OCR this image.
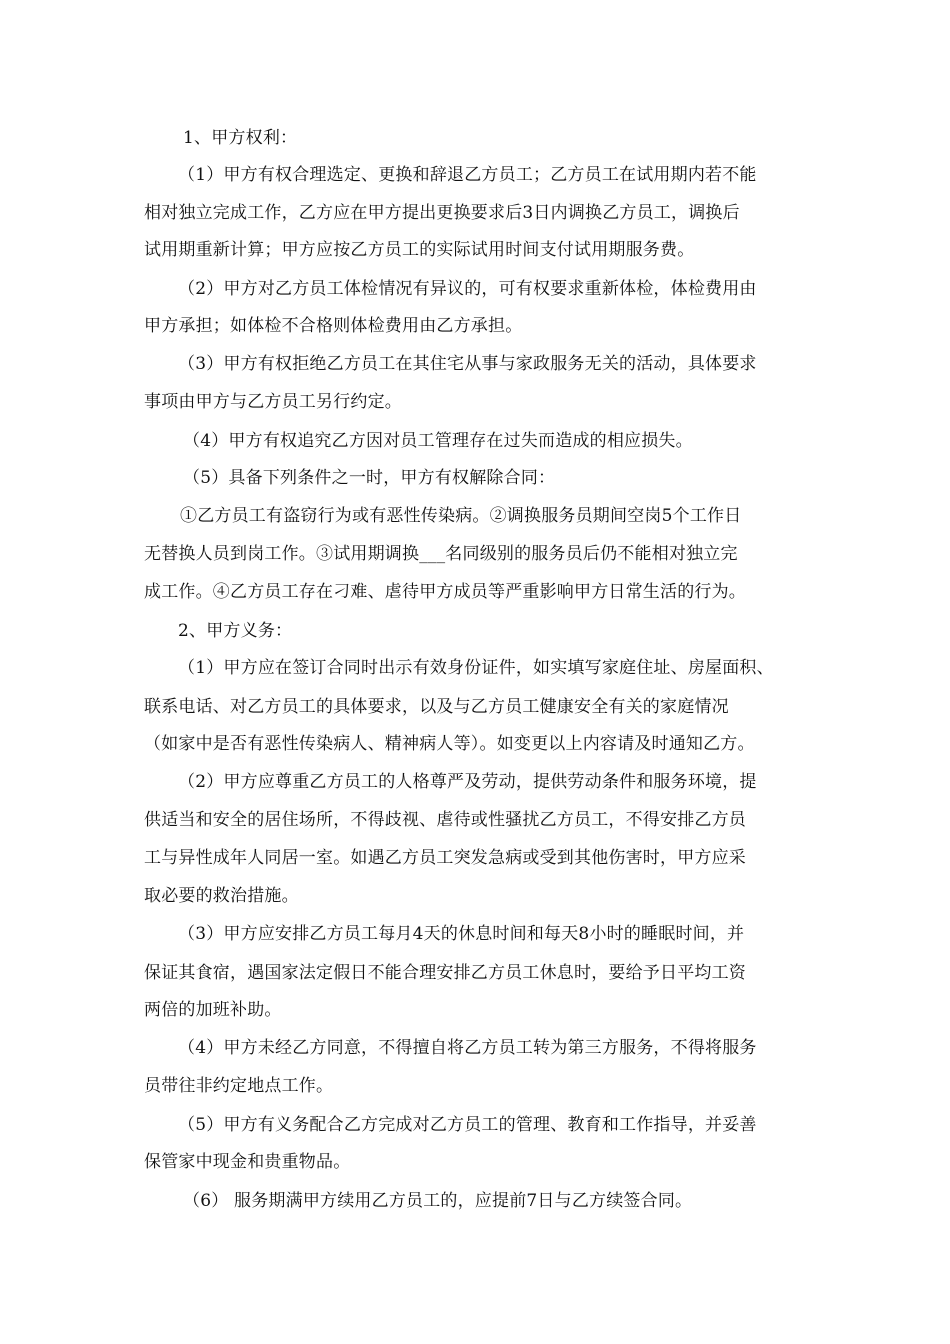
1、甲方权利：
（1）甲方有权合理选定、更换和辞退乙方员工；乙方员工在试用期内若不能
相对独立完成工作，乙方应在甲方提出更换要求后3日内调换乙方员工，调换后
试用期重新计算；甲方应按乙方员工的实际试用时间支付试用期服务费。
（2）甲方对乙方员工体检情况有异议的，可有权要求重新体检，体检费用由
甲方承担；如体检不合格则体检费用由乙方承担。
（3）甲方有权拒绝乙方员工在其住宅从事与家政服务无关的活动，具体要求
事项由甲方与乙方员工另行约定。
（4）甲方有权追究乙方因对员工管理存在过失而造成的相应损失。
（5）具备下列条件之一时，甲方有权解除合同：
①乙方员工有盗窃行为或有恶性传染病。②调换服务员期间空岗5个工作日
无替换人员到岗工作。③试用期调换___名同级别的服务员后仍不能相对独立完
成工作。④乙方员工存在刁难、虐待甲方成员等严重影响甲方日常生活的行为。
2、甲方义务：
（1）甲方应在签订合同时出示有效身份证件，如实填写家庭住址、房屋面积、
联系电话、对乙方员工的具体要求，以及与乙方员工健康安全有关的家庭情况
（如家中是否有恶性传染病人、精神病人等）。如变更以上内容请及时通知乙方。
（2）甲方应尊重乙方员工的人格尊严及劳动，提供劳动条件和服务环境，提
供适当和安全的居住场所，不得歧视、虐待或性骚扰乙方员工，不得安排乙方员
工与异性成年人同居一室。如遇乙方员工突发急病或受到其他伤害时，甲方应采
取必要的救治措施。
（3）甲方应安排乙方员工每月4天的休息时间和每天8小时的睡眠时间，并
保证其食宿，遇国家法定假日不能合理安排乙方员工休息时，要给予日平均工资
两倍的加班补助。
（4）甲方未经乙方同意，不得擅自将乙方员工转为第三方服务，不得将服务
员带往非约定地点工作。
（5）甲方有义务配合乙方完成对乙方员工的管理、教育和工作指导，并妥善
保管家中现金和贵重物品。
（6） 服务期满甲方续用乙方员工的，应提前7日与乙方续签合同。
